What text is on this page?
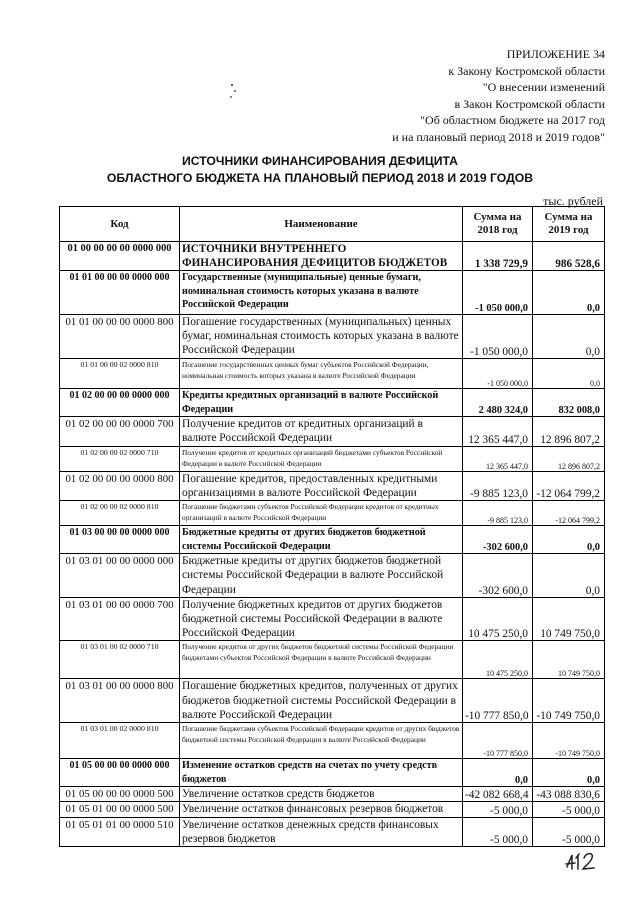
ПРИЛОЖЕНИЕ 34
к Закону Костромской области
"О внесении изменений
в Закон Костромской области
"Об областном бюджете на 2017 год
и на плановый период 2018 и 2019 годов"
ИСТОЧНИКИ ФИНАНСИРОВАНИЯ ДЕФИЦИТА
ОБЛАСТНОГО БЮДЖЕТА НА ПЛАНОВЫЙ ПЕРИОД 2018 И 2019 ГОДОВ
тыс. рублей
Код	Наименование	Сумма на 2018 год	Сумма на 2019 год
01 00 00 00 00 0000 000	ИСТОЧНИКИ ВНУТРЕННЕГО ФИНАНСИРОВАНИЯ ДЕФИЦИТОВ БЮДЖЕТОВ	1 338 729,9	986 528,6
01 01 00 00 00 0000 000	Государственные (муниципальные) ценные бумаги, номинальная стоимость которых указана в валюте Российской Федерации	-1 050 000,0	0,0
01 01 00 00 00 0000 800	Погашение государственных (муниципальных) ценных бумаг, номинальная стоимость которых указана в валюте Российской Федерации	-1 050 000,0	0,0
01 01 00 00 02 0000 810	Погашение государственных ценных бумаг субъектов Российской Федерации, номинальная стоимость которых указана в валюте Российской Федерации	-1 050 000,0	0,0
01 02 00 00 00 0000 000	Кредиты кредитных организаций в валюте Российской Федерации	2 480 324,0	832 008,0
01 02 00 00 00 0000 700	Получение кредитов от кредитных организаций в валюте Российской Федерации	12 365 447,0	12 896 807,2
01 02 00 00 02 0000 710	Получение кредитов от кредитных организаций бюджетами субъектов Российской Федерации в валюте Российской Федерации	12 365 447,0	12 896 807,2
01 02 00 00 00 0000 800	Погашение кредитов, предоставленных кредитными организациями в валюте Российской Федерации	-9 885 123,0	-12 064 799,2
01 02 00 00 02 0000 810	Погашение бюджетами субъектов Российской Федерации кредитов от кредитных организаций в валюте Российской Федерации	-9 885 123,0	-12 064 799,2
01 03 00 00 00 0000 000	Бюджетные кредиты от других бюджетов бюджетной системы Российской Федерации	-302 600,0	0,0
01 03 01 00 00 0000 000	Бюджетные кредиты от других бюджетов бюджетной системы Российской Федерации в валюте Российской Федерации	-302 600,0	0,0
01 03 01 00 00 0000 700	Получение бюджетных кредитов от других бюджетов бюджетной системы Российской Федерации в валюте Российской Федерации	10 475 250,0	10 749 750,0
01 03 01 00 02 0000 710	Получение кредитов от других бюджетов бюджетной системы Российской Федерации бюджетами субъектов Российской Федерации в валюте Российской Федерации	10 475 250,0	10 749 750,0
01 03 01 00 00 0000 800	Погашение бюджетных кредитов, полученных от других бюджетов бюджетной системы Российской Федерации в валюте Российской Федерации	-10 777 850,0	-10 749 750,0
01 03 01 00 02 0000 810	Погашение бюджетами субъектов Российской Федерации кредитов от других бюджетов бюджетной системы Российской Федерации в валюте Российской Федерации	-10 777 850,0	-10 749 750,0
01 05 00 00 00 0000 000	Изменение остатков средств на счетах по учету средств бюджетов	0,0	0,0
01 05 00 00 00 0000 500	Увеличение остатков средств бюджетов	-42 082 668,4	-43 088 830,6
01 05 01 00 00 0000 500	Увеличение остатков финансовых резервов бюджетов	-5 000,0	-5 000,0
01 05 01 01 00 0000 510	Увеличение остатков денежных средств финансовых резервов бюджетов	-5 000,0	-5 000,0
